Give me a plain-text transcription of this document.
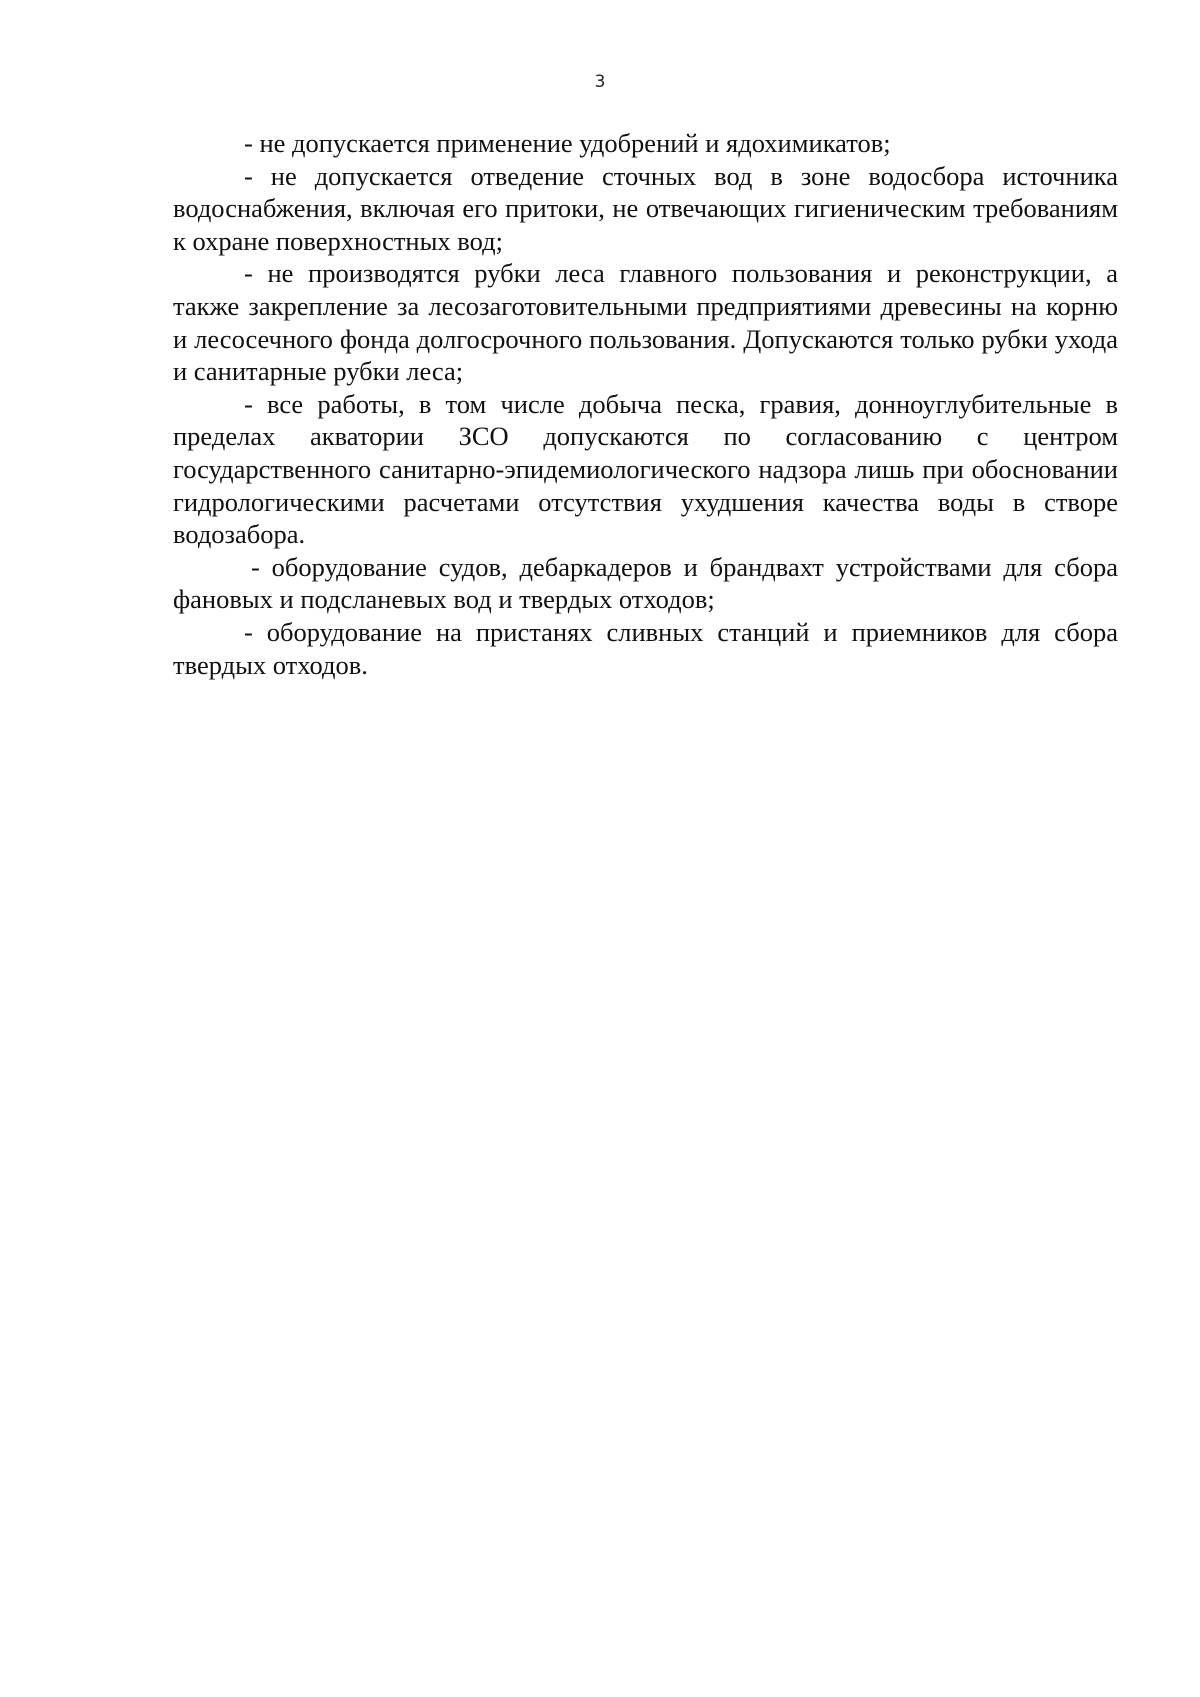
3

- не допускается применение удобрений и ядохимикатов;

- не допускается отведение сточных вод в зоне водосбора источника водоснабжения, включая его притоки, не отвечающих гигиеническим требованиям к охране поверхностных вод;

- не производятся рубки леса главного пользования и реконструкции, а также закрепление за лесозаготовительными предприятиями древесины на корню и лесосечного фонда долгосрочного пользования. Допускаются только рубки ухода и санитарные рубки леса;

- все работы, в том числе добыча песка, гравия, донноуглубительные в пределах акватории ЗСО допускаются по согласованию с центром государственного санитарно-эпидемиологического надзора лишь при обосновании гидрологическими расчетами отсутствия ухудшения качества воды в створе водозабора.

- оборудование судов, дебаркадеров и брандвахт устройствами для сбора фановых и подсланевых вод и твердых отходов;

- оборудование на пристанях сливных станций и приемников для сбора твердых отходов.
